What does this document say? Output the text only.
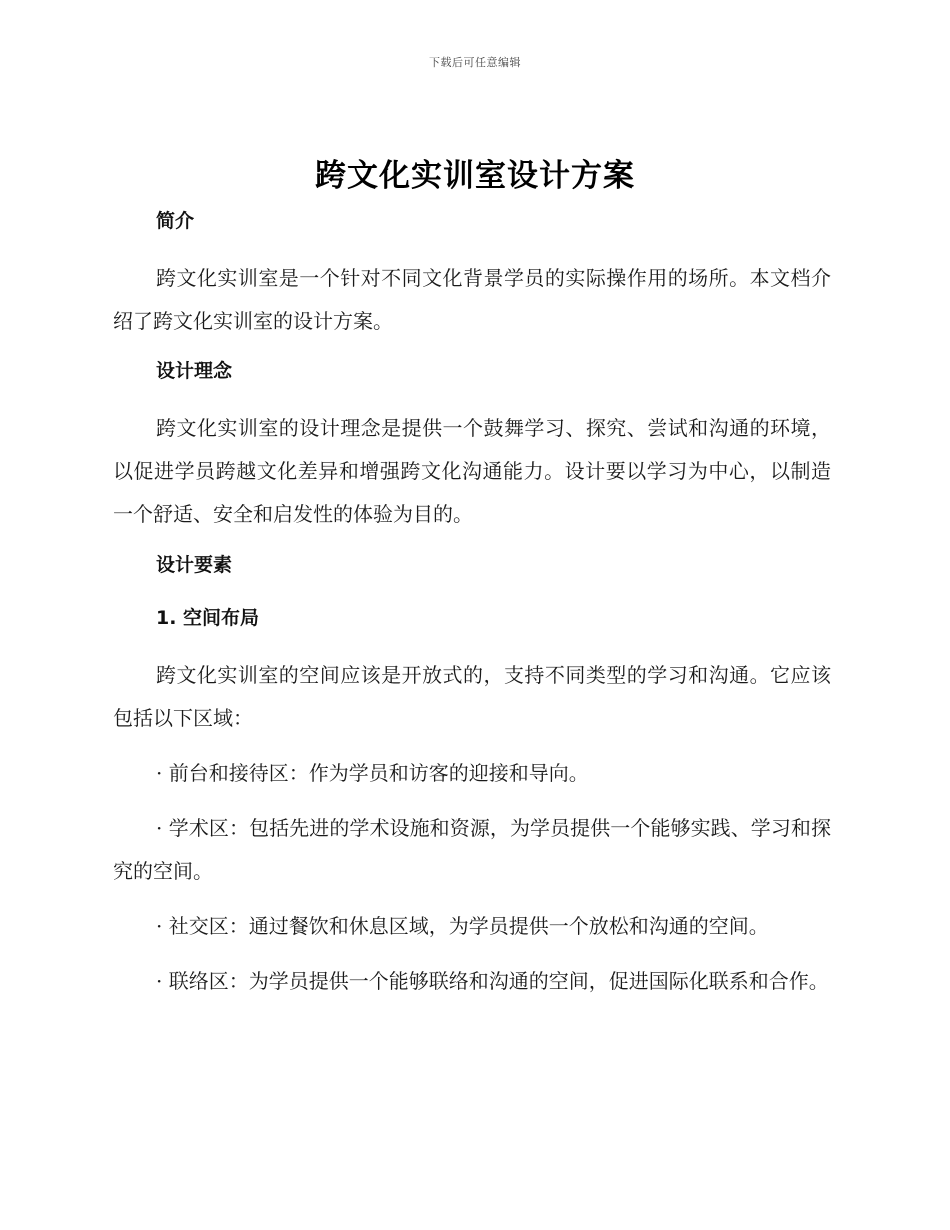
下载后可任意编辑
跨文化实训室设计方案
简介

跨文化实训室是一个针对不同文化背景学员的实际操作用的场所。本文档介绍了跨文化实训室的设计方案。

设计理念

跨文化实训室的设计理念是提供一个鼓舞学习、探究、尝试和沟通的环境，以促进学员跨越文化差异和增强跨文化沟通能力。设计要以学习为中心，以制造一个舒适、安全和启发性的体验为目的。

设计要素
1. 空间布局

跨文化实训室的空间应该是开放式的，支持不同类型的学习和沟通。它应该包括以下区域：

· 前台和接待区：作为学员和访客的迎接和导向。

· 学术区：包括先进的学术设施和资源，为学员提供一个能够实践、学习和探究的空间。

· 社交区：通过餐饮和休息区域，为学员提供一个放松和沟通的空间。

· 联络区：为学员提供一个能够联络和沟通的空间，促进国际化联系和合作。
